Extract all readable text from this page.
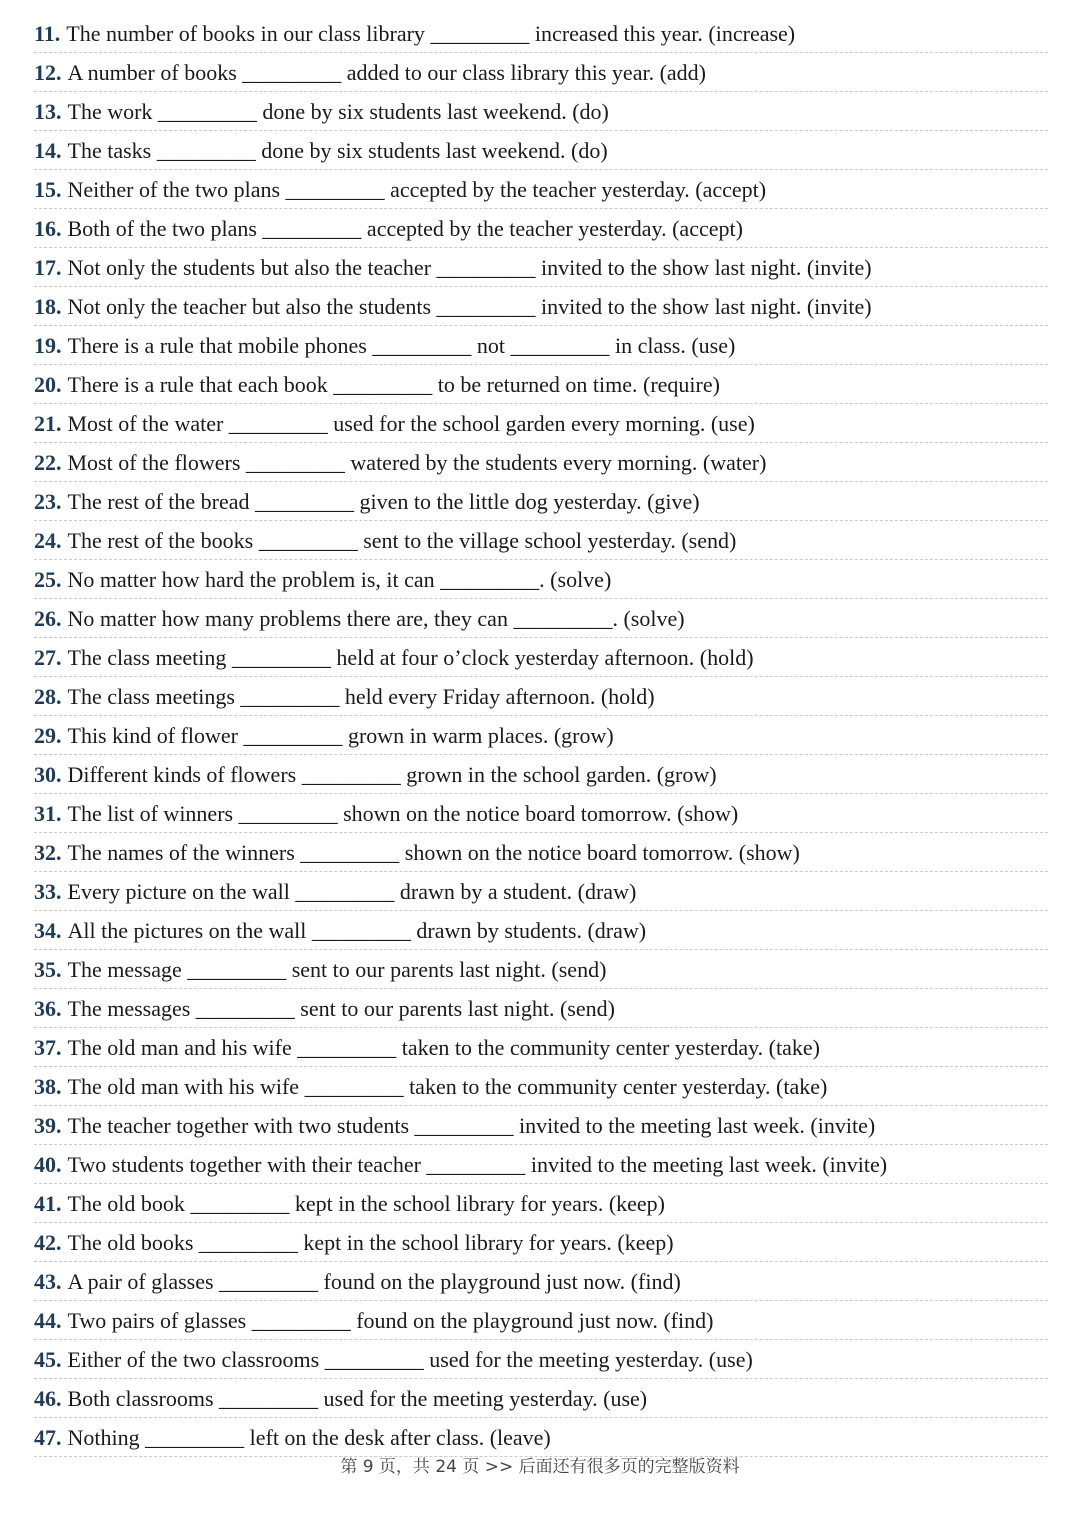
11. The number of books in our class library _________ increased this year. (increase)
12. A number of books _________ added to our class library this year. (add)
13. The work _________ done by six students last weekend. (do)
14. The tasks _________ done by six students last weekend. (do)
15. Neither of the two plans _________ accepted by the teacher yesterday. (accept)
16. Both of the two plans _________ accepted by the teacher yesterday. (accept)
17. Not only the students but also the teacher _________ invited to the show last night. (invite)
18. Not only the teacher but also the students _________ invited to the show last night. (invite)
19. There is a rule that mobile phones _________ not _________ in class. (use)
20. There is a rule that each book _________ to be returned on time. (require)
21. Most of the water _________ used for the school garden every morning. (use)
22. Most of the flowers _________ watered by the students every morning. (water)
23. The rest of the bread _________ given to the little dog yesterday. (give)
24. The rest of the books _________ sent to the village school yesterday. (send)
25. No matter how hard the problem is, it can _________. (solve)
26. No matter how many problems there are, they can _________. (solve)
27. The class meeting _________ held at four o’clock yesterday afternoon. (hold)
28. The class meetings _________ held every Friday afternoon. (hold)
29. This kind of flower _________ grown in warm places. (grow)
30. Different kinds of flowers _________ grown in the school garden. (grow)
31. The list of winners _________ shown on the notice board tomorrow. (show)
32. The names of the winners _________ shown on the notice board tomorrow. (show)
33. Every picture on the wall _________ drawn by a student. (draw)
34. All the pictures on the wall _________ drawn by students. (draw)
35. The message _________ sent to our parents last night. (send)
36. The messages _________ sent to our parents last night. (send)
37. The old man and his wife _________ taken to the community center yesterday. (take)
38. The old man with his wife _________ taken to the community center yesterday. (take)
39. The teacher together with two students _________ invited to the meeting last week. (invite)
40. Two students together with their teacher _________ invited to the meeting last week. (invite)
41. The old book _________ kept in the school library for years. (keep)
42. The old books _________ kept in the school library for years. (keep)
43. A pair of glasses _________ found on the playground just now. (find)
44. Two pairs of glasses _________ found on the playground just now. (find)
45. Either of the two classrooms _________ used for the meeting yesterday. (use)
46. Both classrooms _________ used for the meeting yesterday. (use)
47. Nothing _________ left on the desk after class. (leave)
第 9 页，共 24 页 >> 后面还有很多页的完整版资料
